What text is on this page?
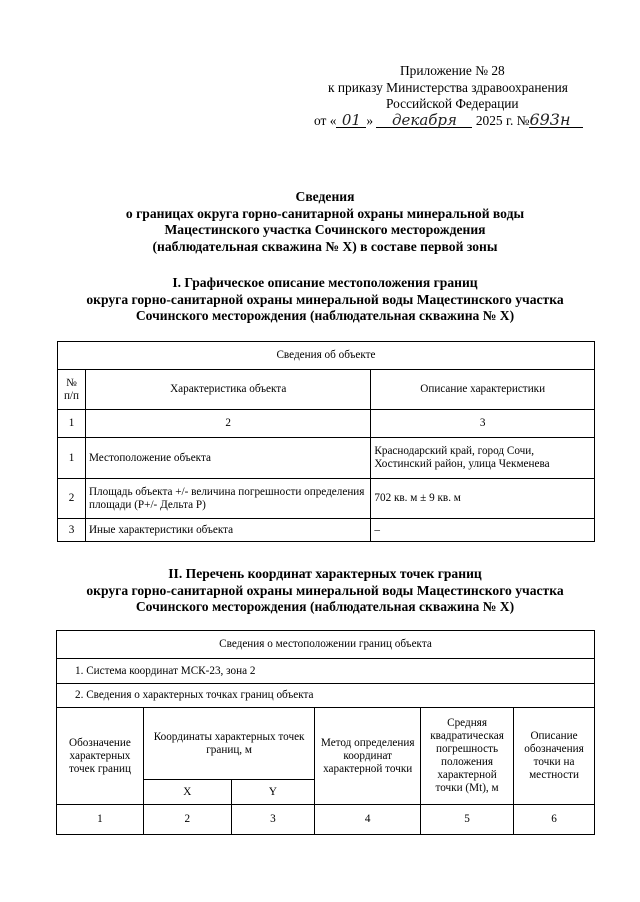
Приложение № 28
к приказу Министерства здравоохранения
Российской Федерации
от « 01 » декабря 2025 г. №693н
Сведения
о границах округа горно-санитарной охраны минеральной воды
Мацестинского участка Сочинского месторождения
(наблюдательная скважина № X) в составе первой зоны
I. Графическое описание местоположения границ
округа горно-санитарной охраны минеральной воды Мацестинского участка
Сочинского месторождения (наблюдательная скважина № X)
Сведения об объекте		
№ п/п	Характеристика объекта	Описание характеристики
1	2	3
1	Местоположение объекта	Краснодарский край, город Сочи, Хостинский район, улица Чекменева
2	Площадь объекта +/- величина погрешности определения площади (Р+/- Дельта Р)	702 кв. м ± 9 кв. м
3	Иные характеристики объекта	–
II. Перечень координат характерных точек границ
округа горно-санитарной охраны минеральной воды Мацестинского участка
Сочинского месторождения (наблюдательная скважина № X)
Сведения о местоположении границ объекта					
1. Система координат МСК-23, зона 2					
2. Сведения о характерных точках границ объекта					
Обозначение характерных точек границ	Координаты характерных точек границ, м		Метод определения координат характерной точки	Средняя квадратическая погрешность положения характерной точки (Mt), м	Описание обозначения точки на местности
	X	Y			
1	2	3	4	5	6
